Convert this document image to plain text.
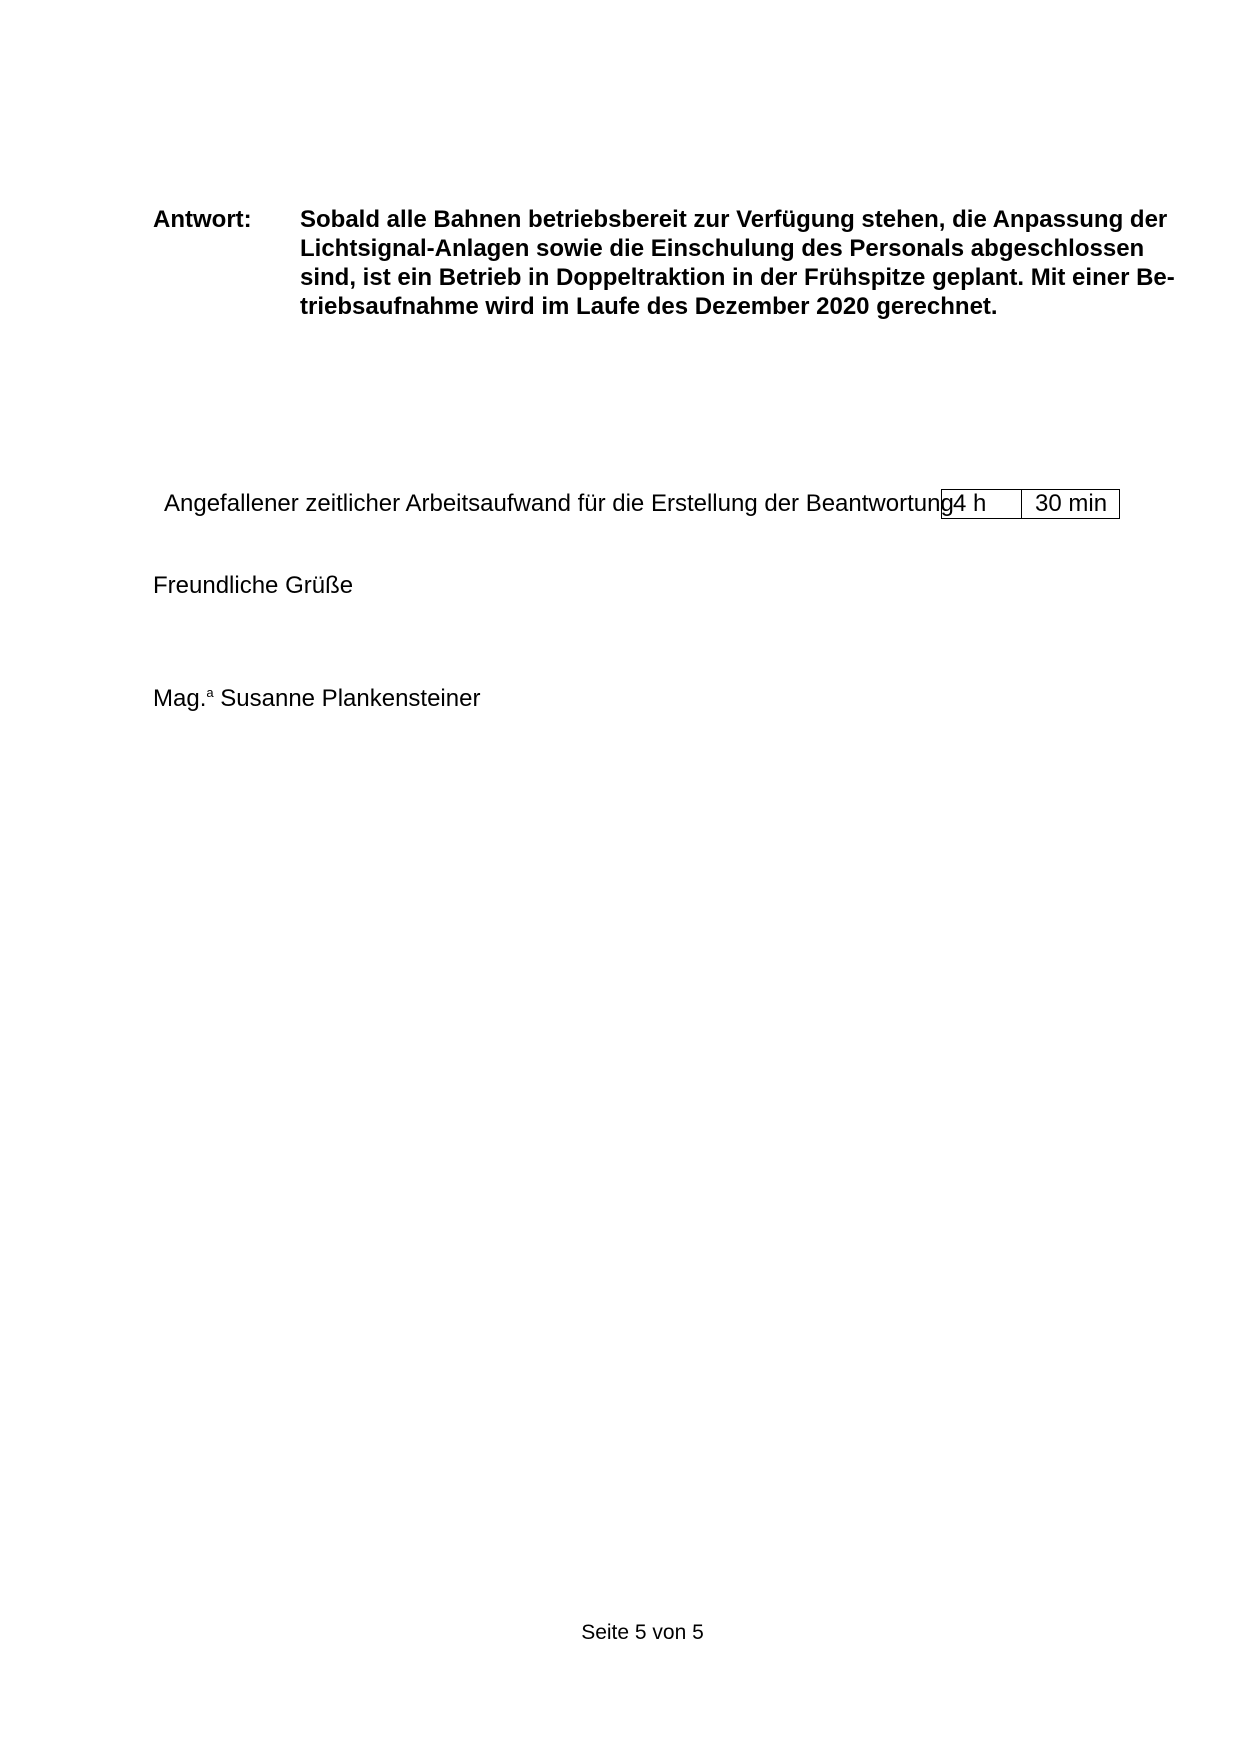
Antwort: Sobald alle Bahnen betriebsbereit zur Verfügung stehen, die Anpassung der
Lichtsignal-Anlagen sowie die Einschulung des Personals abgeschlossen
sind, ist ein Betrieb in Doppeltraktion in der Frühspitze geplant. Mit einer Be-
triebsaufnahme wird im Laufe des Dezember 2020 gerechnet.
Angefallener zeitlicher Arbeitsaufwand für die Erstellung der Beantwortung 4 h	30 min
Freundliche Grüße
Mag.$^a$ Susanne Plankensteiner
Seite 5 von 5
